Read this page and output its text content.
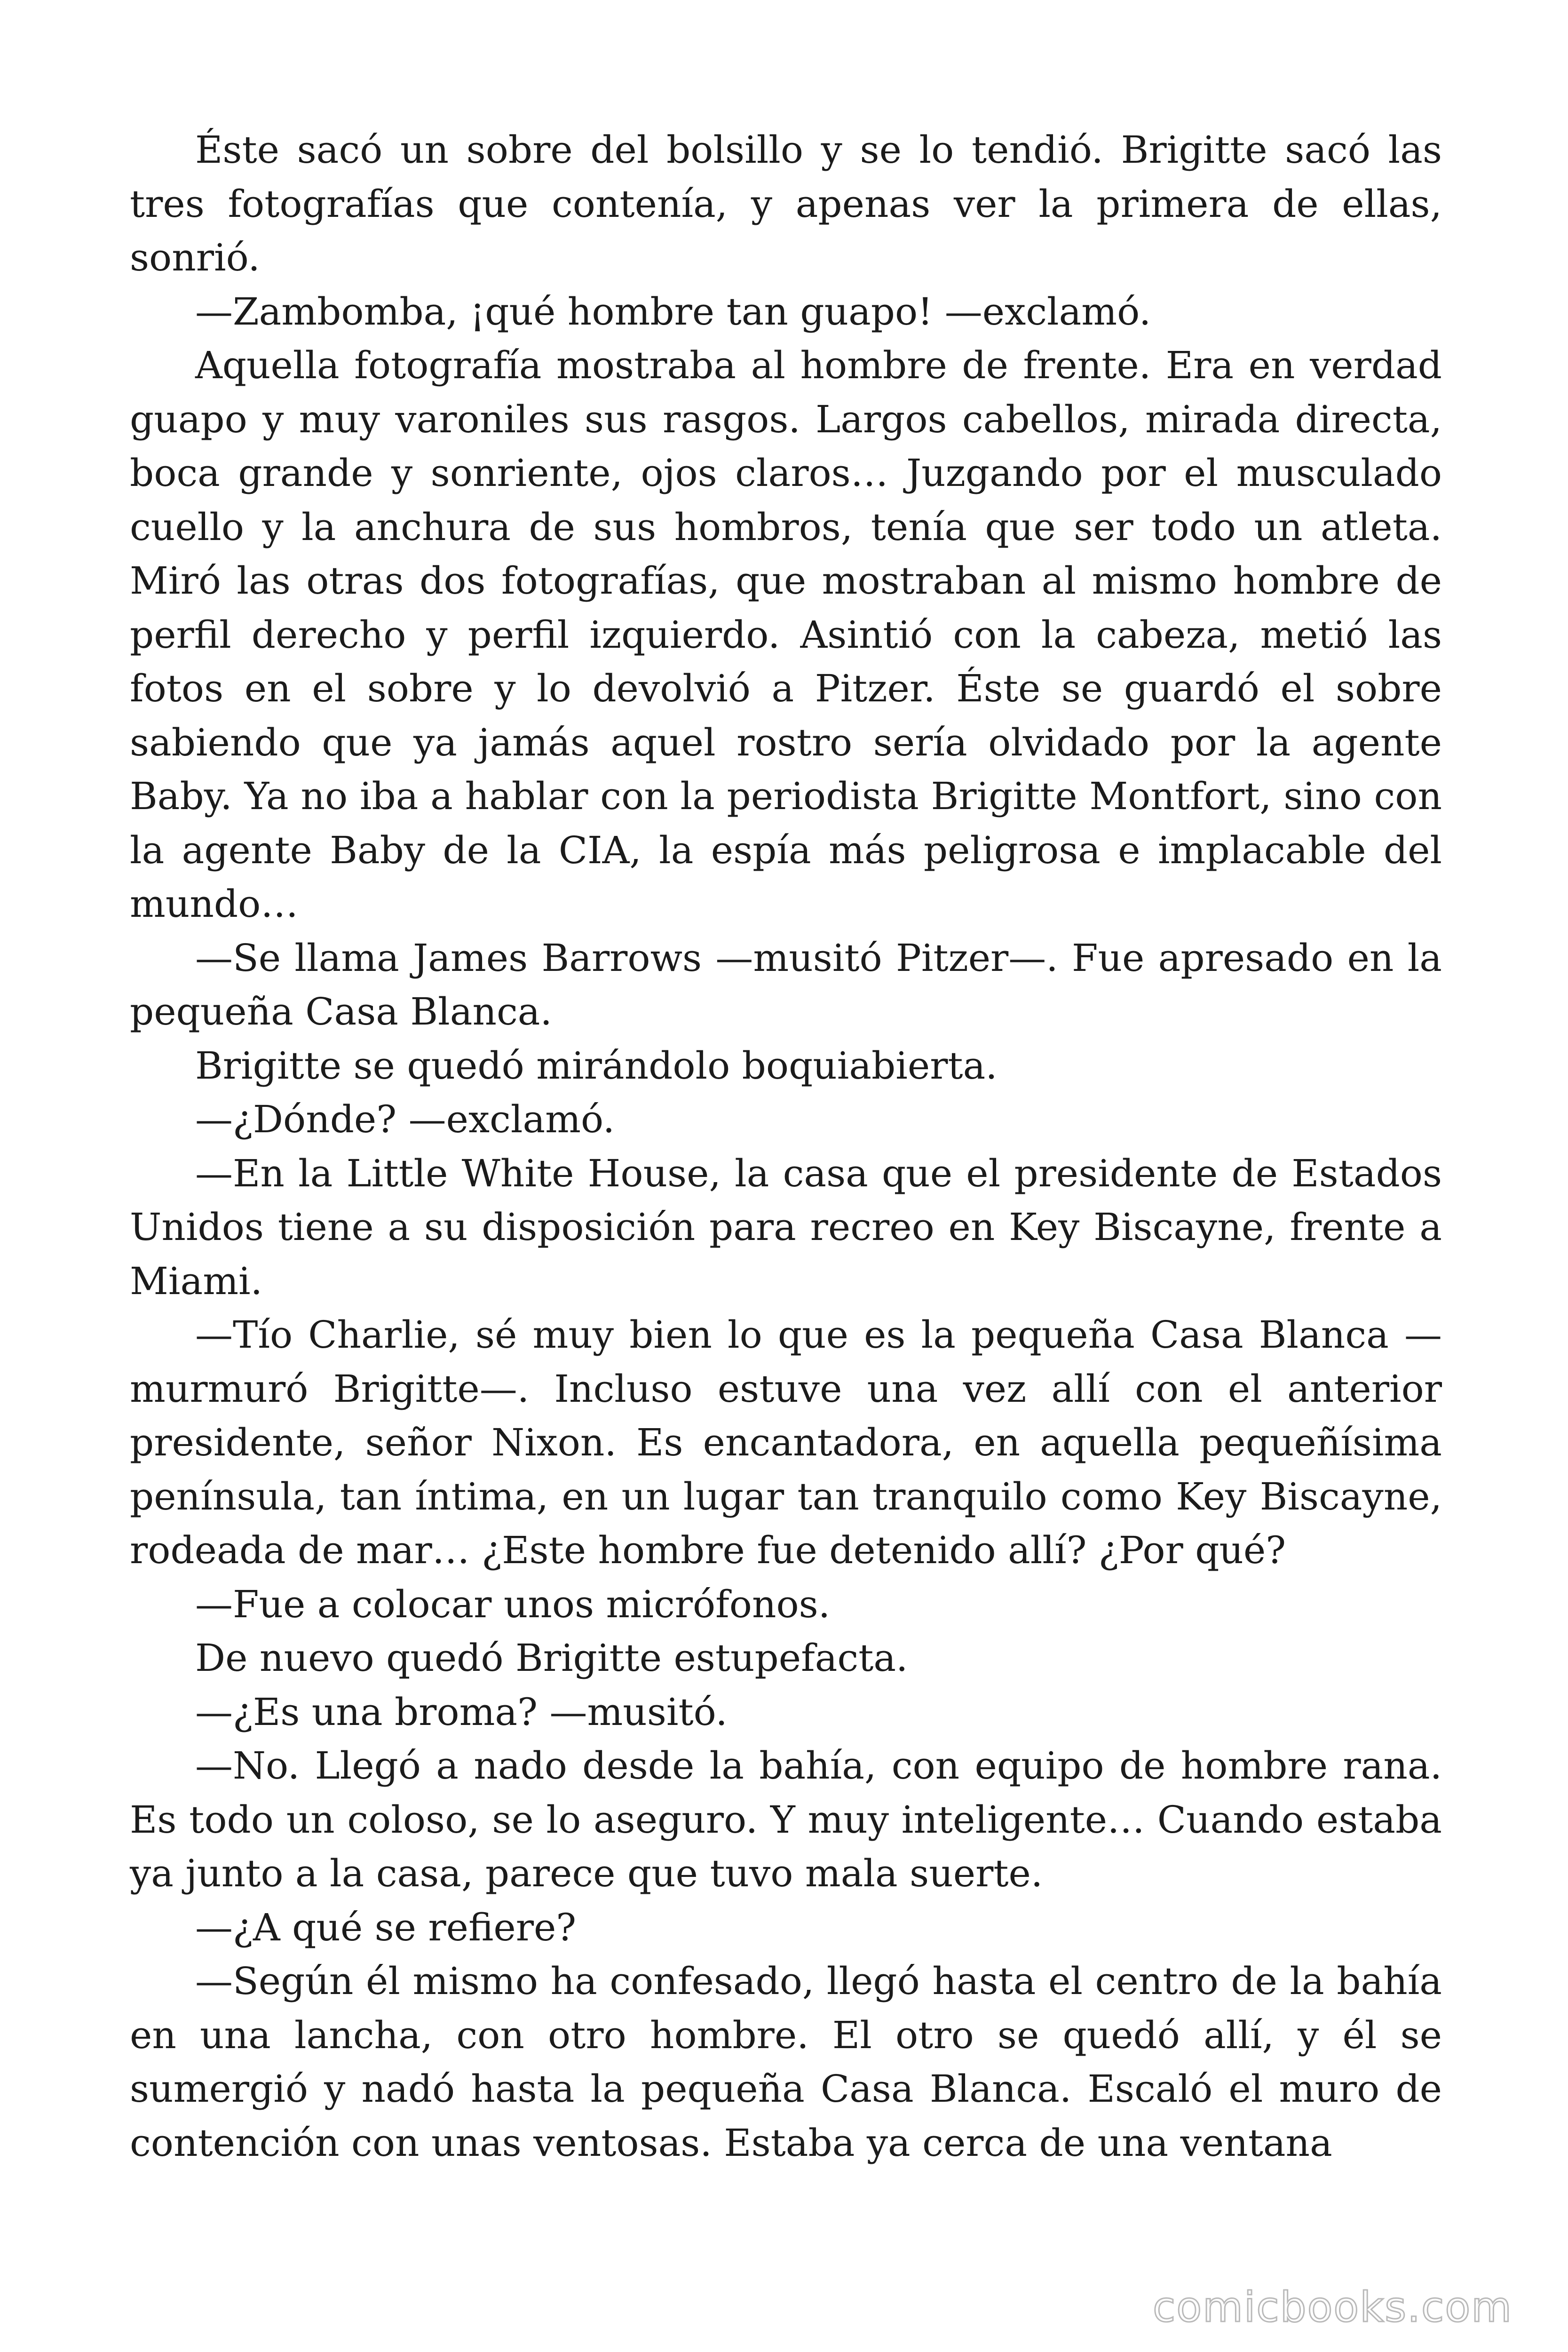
Éste sacó un sobre del bolsillo y se lo tendió. Brigitte sacó las tres fotografías que contenía, y apenas ver la primera de ellas, sonrió.

—Zambomba, ¡qué hombre tan guapo! —exclamó.

Aquella fotografía mostraba al hombre de frente. Era en verdad guapo y muy varoniles sus rasgos. Largos cabellos, mirada directa, boca grande y sonriente, ojos claros… Juzgando por el musculado cuello y la anchura de sus hombros, tenía que ser todo un atleta. Miró las otras dos fotografías, que mostraban al mismo hombre de perfil derecho y perfil izquierdo. Asintió con la cabeza, metió las fotos en el sobre y lo devolvió a Pitzer. Éste se guardó el sobre sabiendo que ya jamás aquel rostro sería olvidado por la agente Baby. Ya no iba a hablar con la periodista Brigitte Montfort, sino con la agente Baby de la CIA, la espía más peligrosa e implacable del mundo…

—Se llama James Barrows —musitó Pitzer—. Fue apresado en la pequeña Casa Blanca.

Brigitte se quedó mirándolo boquiabierta.

—¿Dónde? —exclamó.

—En la Little White House, la casa que el presidente de Estados Unidos tiene a su disposición para recreo en Key Biscayne, frente a Miami.

—Tío Charlie, sé muy bien lo que es la pequeña Casa Blanca —murmuró Brigitte—. Incluso estuve una vez allí con el anterior presidente, señor Nixon. Es encantadora, en aquella pequeñísima península, tan íntima, en un lugar tan tranquilo como Key Biscayne, rodeada de mar… ¿Este hombre fue detenido allí? ¿Por qué?

—Fue a colocar unos micrófonos.

De nuevo quedó Brigitte estupefacta.

—¿Es una broma? —musitó.

—No. Llegó a nado desde la bahía, con equipo de hombre rana. Es todo un coloso, se lo aseguro. Y muy inteligente… Cuando estaba ya junto a la casa, parece que tuvo mala suerte.

—¿A qué se refiere?

—Según él mismo ha confesado, llegó hasta el centro de la bahía en una lancha, con otro hombre. El otro se quedó allí, y él se sumergió y nadó hasta la pequeña Casa Blanca. Escaló el muro de contención con unas ventosas. Estaba ya cerca de una ventana

comicbooks.com
